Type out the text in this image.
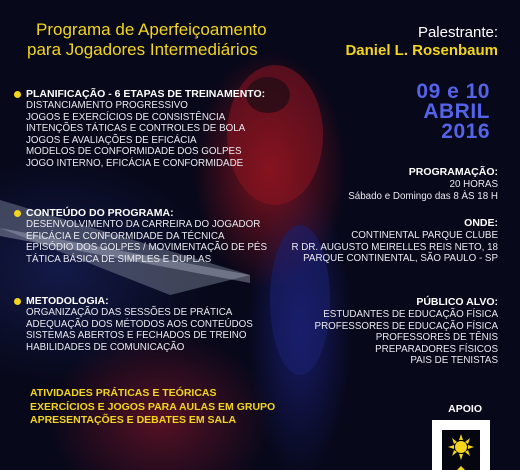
Programa de Aperfeiçoamento
para Jogadores Intermediários
Palestrante:
Daniel L. Rosenbaum
09 e 10
ABRIL
2016
PLANIFICAÇÃO - 6 ETAPAS DE TREINAMENTO:
DISTANCIAMENTO PROGRESSIVO
JOGOS E EXERCÍCIOS DE CONSISTÊNCIA
INTENÇÕES TÁTICAS E CONTROLES DE BOLA
JOGOS E AVALIAÇÕES DE EFICÁCIA
MODELOS DE CONFORMIDADE DOS GOLPES
JOGO INTERNO, EFICÁCIA E CONFORMIDADE
CONTEÚDO DO PROGRAMA:
DESENVOLVIMENTO DA CARREIRA DO JOGADOR
EFICÁCIA E CONFORMIDADE DA TÉCNICA
EPISÓDIO DOS GOLPES / MOVIMENTAÇÃO DE PÉS
TÁTICA BÁSICA DE SIMPLES E DUPLAS
METODOLOGIA:
ORGANIZAÇÃO DAS SESSÕES DE PRÁTICA
ADEQUAÇÃO DOS MÉTODOS AOS CONTEÚDOS
SISTEMAS ABERTOS E FECHADOS DE TREINO
HABILIDADES DE COMUNICAÇÃO
PROGRAMAÇÃO:
20 HORAS
Sábado e Domingo das 8 ÀS 18 H
ONDE:
CONTINENTAL PARQUE CLUBE
R DR. AUGUSTO MEIRELLES REIS NETO, 18
PARQUE CONTINENTAL, SÃO PAULO - SP
PÚBLICO ALVO:
ESTUDANTES DE EDUCAÇÃO FÍSICA
PROFESSORES DE EDUCAÇÃO FÍSICA
PROFESSORES DE TÊNIS
PREPARADORES FÍSICOS
PAIS DE TENISTAS
ATIVIDADES PRÁTICAS E TEÓRICAS
EXERCÍCIOS E JOGOS PARA AULAS EM GRUPO
APRESENTAÇÕES E DEBATES EM SALA
APOIO
